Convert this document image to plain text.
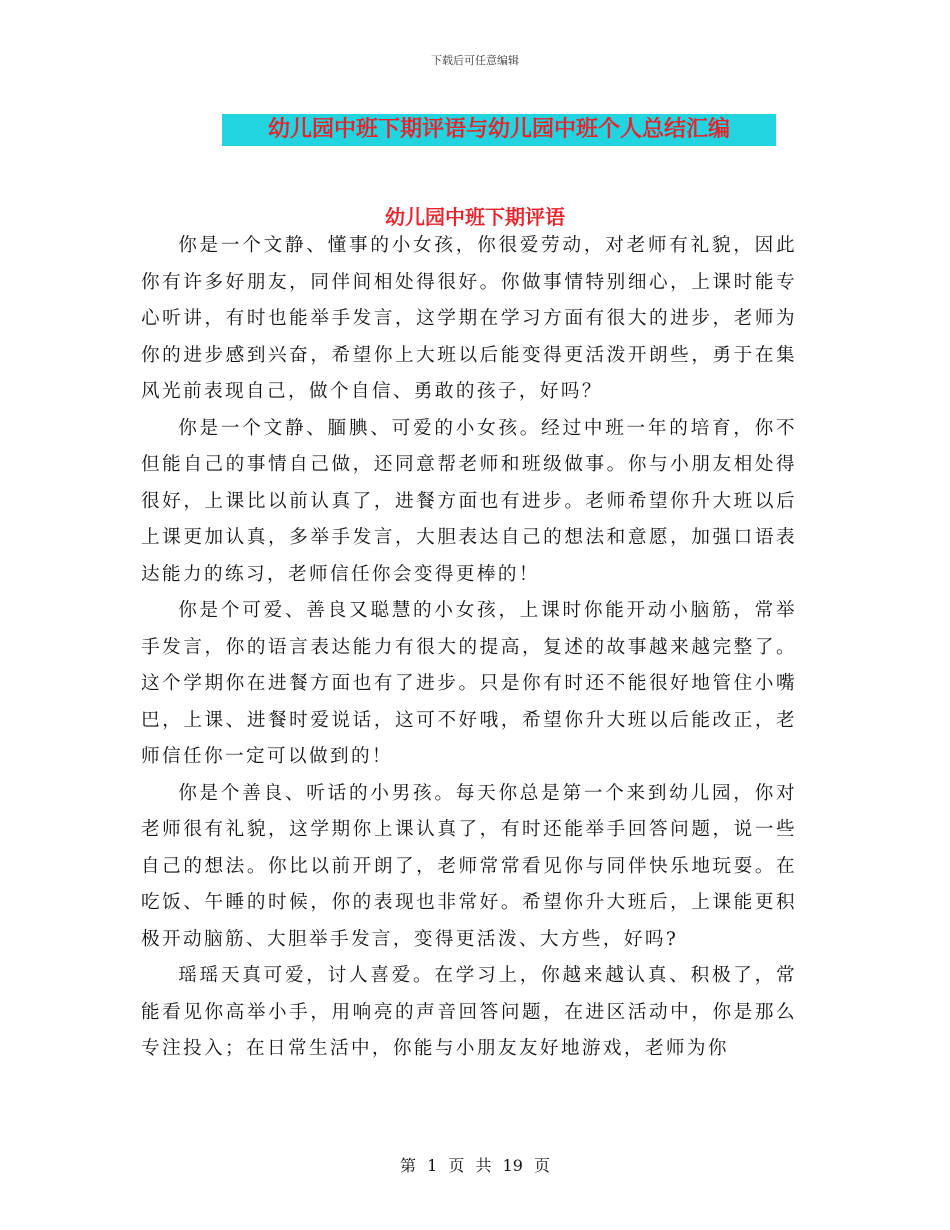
下载后可任意编辑
幼儿园中班下期评语与幼儿园中班个人总结汇编
幼儿园中班下期评语

你是一个文静、懂事的小女孩，你很爱劳动，对老师有礼貌，因此你有许多好朋友，同伴间相处得很好。你做事情特别细心，上课时能专心听讲，有时也能举手发言，这学期在学习方面有很大的进步，老师为你的进步感到兴奋，希望你上大班以后能变得更活泼开朗些，勇于在集风光前表现自己，做个自信、勇敢的孩子，好吗？

你是一个文静、腼腆、可爱的小女孩。经过中班一年的培育，你不但能自己的事情自己做，还同意帮老师和班级做事。你与小朋友相处得很好，上课比以前认真了，进餐方面也有进步。老师希望你升大班以后上课更加认真，多举手发言，大胆表达自己的想法和意愿，加强口语表达能力的练习，老师信任你会变得更棒的！

你是个可爱、善良又聪慧的小女孩，上课时你能开动小脑筋，常举手发言，你的语言表达能力有很大的提高，复述的故事越来越完整了。这个学期你在进餐方面也有了进步。只是你有时还不能很好地管住小嘴巴，上课、进餐时爱说话，这可不好哦，希望你升大班以后能改正，老师信任你一定可以做到的！

你是个善良、听话的小男孩。每天你总是第一个来到幼儿园，你对老师很有礼貌，这学期你上课认真了，有时还能举手回答问题，说一些自己的想法。你比以前开朗了，老师常常看见你与同伴快乐地玩耍。在吃饭、午睡的时候，你的表现也非常好。希望你升大班后，上课能更积极开动脑筋、大胆举手发言，变得更活泼、大方些，好吗?

瑶瑶天真可爱，讨人喜爱。在学习上，你越来越认真、积极了，常能看见你高举小手，用响亮的声音回答问题，在进区活动中，你是那么专注投入；在日常生活中，你能与小朋友友好地游戏，老师为你

第 1 页 共 19 页
